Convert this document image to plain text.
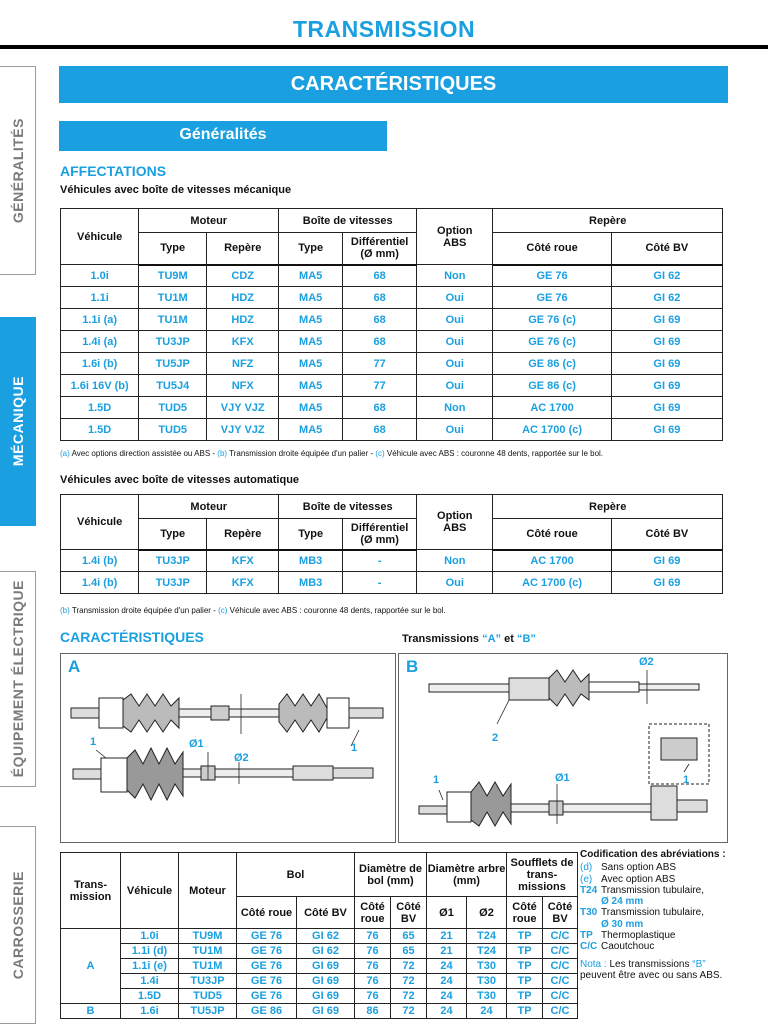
TRANSMISSION
GÉNÉRALITÉS
MÉCANIQUE
ÉQUIPEMENT ÉLECTRIQUE
CARROSSERIE
CARACTÉRISTIQUES
Généralités
AFFECTATIONS
Véhicules avec boîte de vitesses mécanique
Véhicule	Moteur		Boîte de vitesses		Option
ABS	Repère	
	Type	Repère	Type	Différentiel
(Ø mm)		Côté roue	Côté BV
1.0i	TU9M	CDZ	MA5	68	Non	GE 76	GI 62
1.1i	TU1M	HDZ	MA5	68	Oui	GE 76	GI 62
1.1i (a)	TU1M	HDZ	MA5	68	Oui	GE 76 (c)	GI 69
1.4i (a)	TU3JP	KFX	MA5	68	Oui	GE 76 (c)	GI 69
1.6i (b)	TU5JP	NFZ	MA5	77	Oui	GE 86 (c)	GI 69
1.6i 16V (b)	TU5J4	NFX	MA5	77	Oui	GE 86 (c)	GI 69
1.5D	TUD5	VJY VJZ	MA5	68	Non	AC 1700	GI 69
1.5D	TUD5	VJY VJZ	MA5	68	Oui	AC 1700 (c)	GI 69
(a) Avec options direction assistée ou ABS - (b) Transmission droite équipée d'un palier - (c) Véhicule avec ABS : couronne 48 dents, rapportée sur le bol.
Véhicules avec boîte de vitesses automatique
Véhicule	Moteur		Boîte de vitesses		Option
ABS	Repère	
	Type	Repère	Type	Différentiel
(Ø mm)		Côté roue	Côté BV
1.4i (b)	TU3JP	KFX	MB3	-	Non	AC 1700	GI 69
1.4i (b)	TU3JP	KFX	MB3	-	Oui	AC 1700 (c)	GI 69
(b) Transmission droite équipée d'un palier - (c) Véhicule avec ABS : couronne 48 dents, rapportée sur le bol.
CARACTÉRISTIQUES	Transmissions “A” et “B”
A
1	Ø1
Ø2
1
B	Ø2
2
1	Ø1	1
Trans-mission	Véhicule	Moteur	Bol		Diamètre de bol (mm)		Diamètre arbre (mm)		Soufflets de trans-missions	
			Côté roue	Côté BV	Côté
roue	Côté
BV	Ø1	Ø2	Côté
roue	Côté
BV
A	1.0i	TU9M	GE 76	GI 62	76	65	21	T24	TP	C/C
	1.1i (d)	TU1M	GE 76	GI 62	76	65	21	T24	TP	C/C
	1.1i (e)	TU1M	GE 76	GI 69	76	72	24	T30	TP	C/C
	1.4i	TU3JP	GE 76	GI 69	76	72	24	T30	TP	C/C
	1.5D	TUD5	GE 76	GI 69	76	72	24	T30	TP	C/C
B	1.6i	TU5JP	GE 86	GI 69	86	72	24	24	TP	C/C
Codification des abréviations :
(d) Sans option ABS
(e) Avec option ABS
T24 Transmission tubulaire,
Ø 24 mm
T30 Transmission tubulaire,
Ø 30 mm
TP Thermoplastique
C/C Caoutchouc
Nota : Les transmissions “B” peuvent être avec ou sans ABS.
